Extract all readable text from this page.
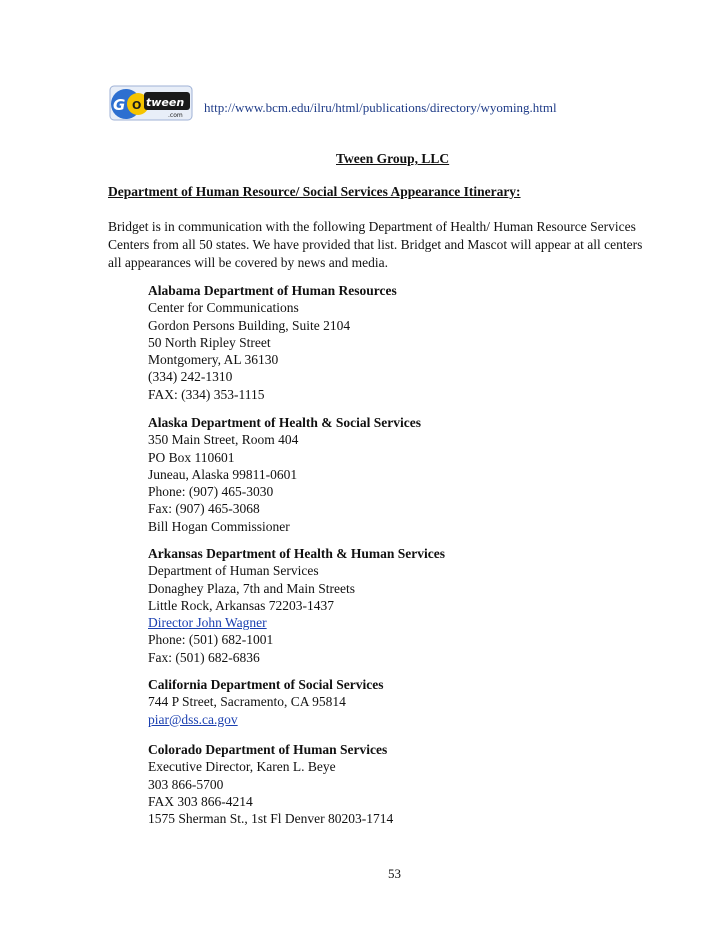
G O tween
.com
http://www.bcm.edu/ilru/html/publications/directory/wyoming.html
Tween Group, LLC
Department of Human Resource/ Social Services Appearance Itinerary:
Bridget is in communication with the following Department of Health/ Human Resource Services
Centers from all 50 states. We have provided that list. Bridget and Mascot will appear at all centers
all appearances will be covered by news and media.
Alabama Department of Human Resources
Center for Communications
Gordon Persons Building, Suite 2104
50 North Ripley Street
Montgomery, AL 36130
(334) 242-1310
FAX: (334) 353-1115
Alaska Department of Health & Social Services
350 Main Street, Room 404
PO Box 110601
Juneau, Alaska 99811-0601
Phone: (907) 465-3030
Fax: (907) 465-3068
Bill Hogan Commissioner
Arkansas Department of Health & Human Services
Department of Human Services
Donaghey Plaza, 7th and Main Streets
Little Rock, Arkansas 72203-1437
Director John Wagner
Phone: (501) 682-1001
Fax: (501) 682-6836
California Department of Social Services
744 P Street, Sacramento, CA 95814
piar@dss.ca.gov
Colorado Department of Human Services
Executive Director, Karen L. Beye
303 866-5700
FAX 303 866-4214
1575 Sherman St., 1st Fl Denver 80203-1714
53
